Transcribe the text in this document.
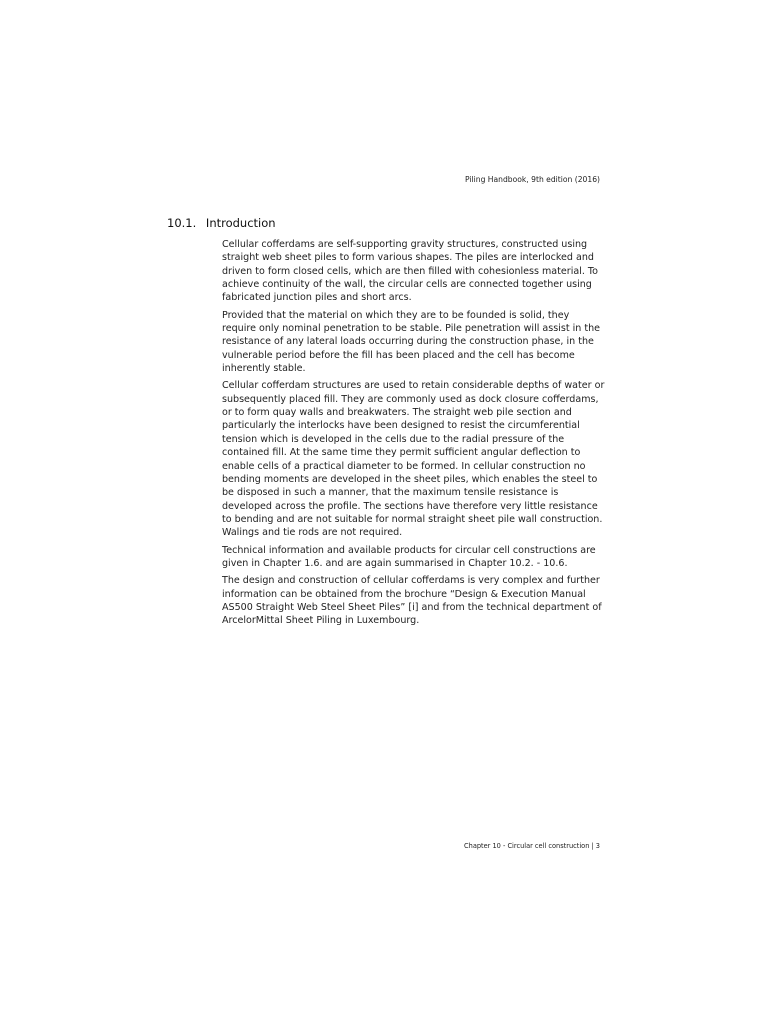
Piling Handbook, 9th edition (2016)
10.1. Introduction

Cellular cofferdams are self-supporting gravity structures, constructed using straight web sheet piles to form various shapes. The piles are interlocked and driven to form closed cells, which are then filled with cohesionless material. To achieve continuity of the wall, the circular cells are connected together using fabricated junction piles and short arcs.

Provided that the material on which they are to be founded is solid, they require only nominal penetration to be stable. Pile penetration will assist in the resistance of any lateral loads occurring during the construction phase, in the vulnerable period before the fill has been placed and the cell has become inherently stable.

Cellular cofferdam structures are used to retain considerable depths of water or subsequently placed fill. They are commonly used as dock closure cofferdams, or to form quay walls and breakwaters. The straight web pile section and particularly the interlocks have been designed to resist the circumferential tension which is developed in the cells due to the radial pressure of the contained fill. At the same time they permit sufficient angular deflection to enable cells of a practical diameter to be formed. In cellular construction no bending moments are developed in the sheet piles, which enables the steel to be disposed in such a manner, that the maximum tensile resistance is developed across the profile. The sections have therefore very little resistance to bending and are not suitable for normal straight sheet pile wall construction. Walings and tie rods are not required.

Technical information and available products for circular cell constructions are given in Chapter 1.6. and are again summarised in Chapter 10.2. - 10.6.

The design and construction of cellular cofferdams is very complex and further information can be obtained from the brochure “Design & Execution Manual AS500 Straight Web Steel Sheet Piles” [i] and from the technical department of ArcelorMittal Sheet Piling in Luxembourg.

Chapter 10 - Circular cell construction | 3
